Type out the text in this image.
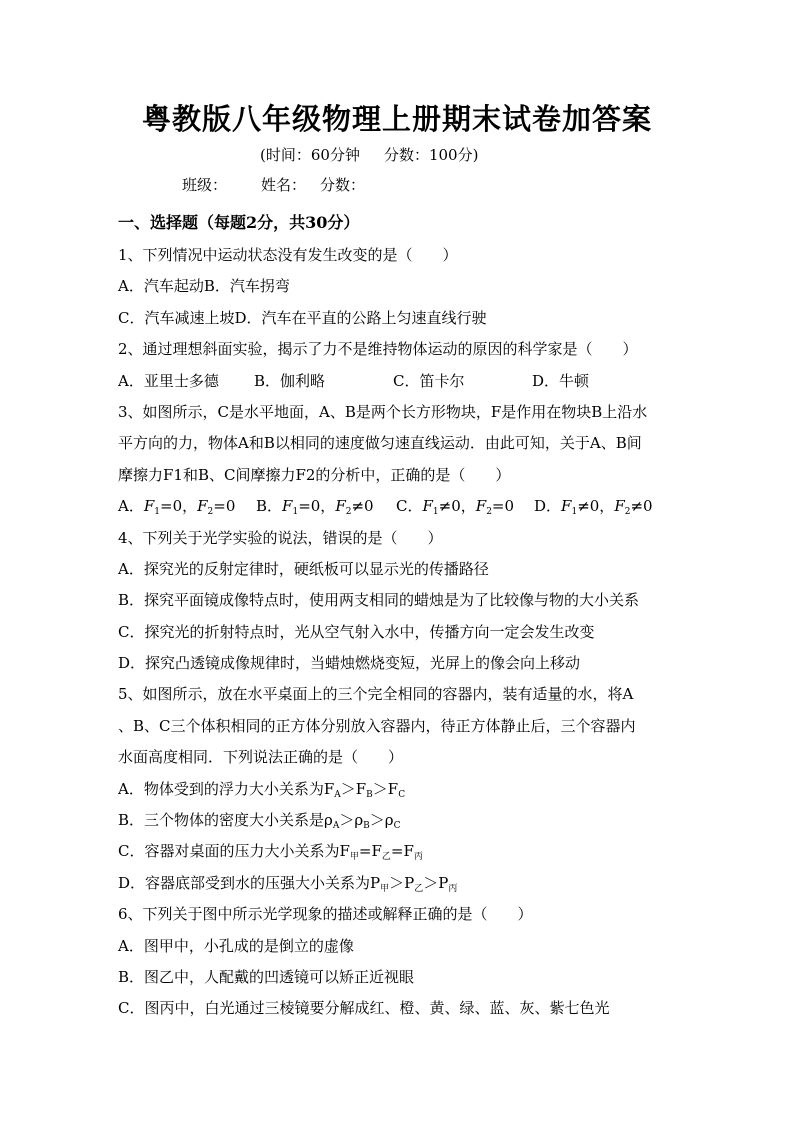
粤教版八年级物理上册期末试卷加答案
(时间：60分钟 分数：100分)
班级： 姓名： 分数：
一、选择题（每题2分，共30分）
1、下列情况中运动状态没有发生改变的是（　　）
A．汽车起动B．汽车拐弯
C．汽车减速上坡D．汽车在平直的公路上匀速直线行驶
2、通过理想斜面实验，揭示了力不是维持物体运动的原因的科学家是（　　）
A．亚里士多德 B．伽利略	C．笛卡尔	D．牛顿
3、如图所示，C是水平地面，A、B是两个长方形物块，F是作用在物块B上沿水
平方向的力，物体A和B以相同的速度做匀速直线运动．由此可知，关于A、B间
摩擦力F1和B、C间摩擦力F2的分析中，正确的是（　　）
A．$F_1=0$，$F_2=0$ B．$F_1=0$，$F_2\ne 0$ C．$F_1\ne 0$，$F_2=0$ D．$F_1\ne 0$，$F_2\ne 0$
4、下列关于光学实验的说法，错误的是（　　）
A．探究光的反射定律时，硬纸板可以显示光的传播路径
B．探究平面镜成像特点时，使用两支相同的蜡烛是为了比较像与物的大小关系
C．探究光的折射特点时，光从空气射入水中，传播方向一定会发生改变
D．探究凸透镜成像规律时，当蜡烛燃烧变短，光屏上的像会向上移动
5、如图所示，放在水平桌面上的三个完全相同的容器内，装有适量的水，将A
、B、C三个体积相同的正方体分别放入容器内，待正方体静止后，三个容器内
水面高度相同．下列说法正确的是（　　）
A．物体受到的浮力大小关系为$F_A>F_B>F_C$
B．三个物体的密度大小关系是$\rho_A>\rho_B>\rho_C$
C．容器对桌面的压力大小关系为$F_甲=F_乙=F_丙$
D．容器底部受到水的压强大小关系为$P_甲>P_乙>P_丙$
6、下列关于图中所示光学现象的描述或解释正确的是（　　）
A．图甲中，小孔成的是倒立的虚像
B．图乙中，人配戴的凹透镜可以矫正近视眼
C．图丙中，白光通过三棱镜要分解成红、橙、黄、绿、蓝、灰、紫七色光
